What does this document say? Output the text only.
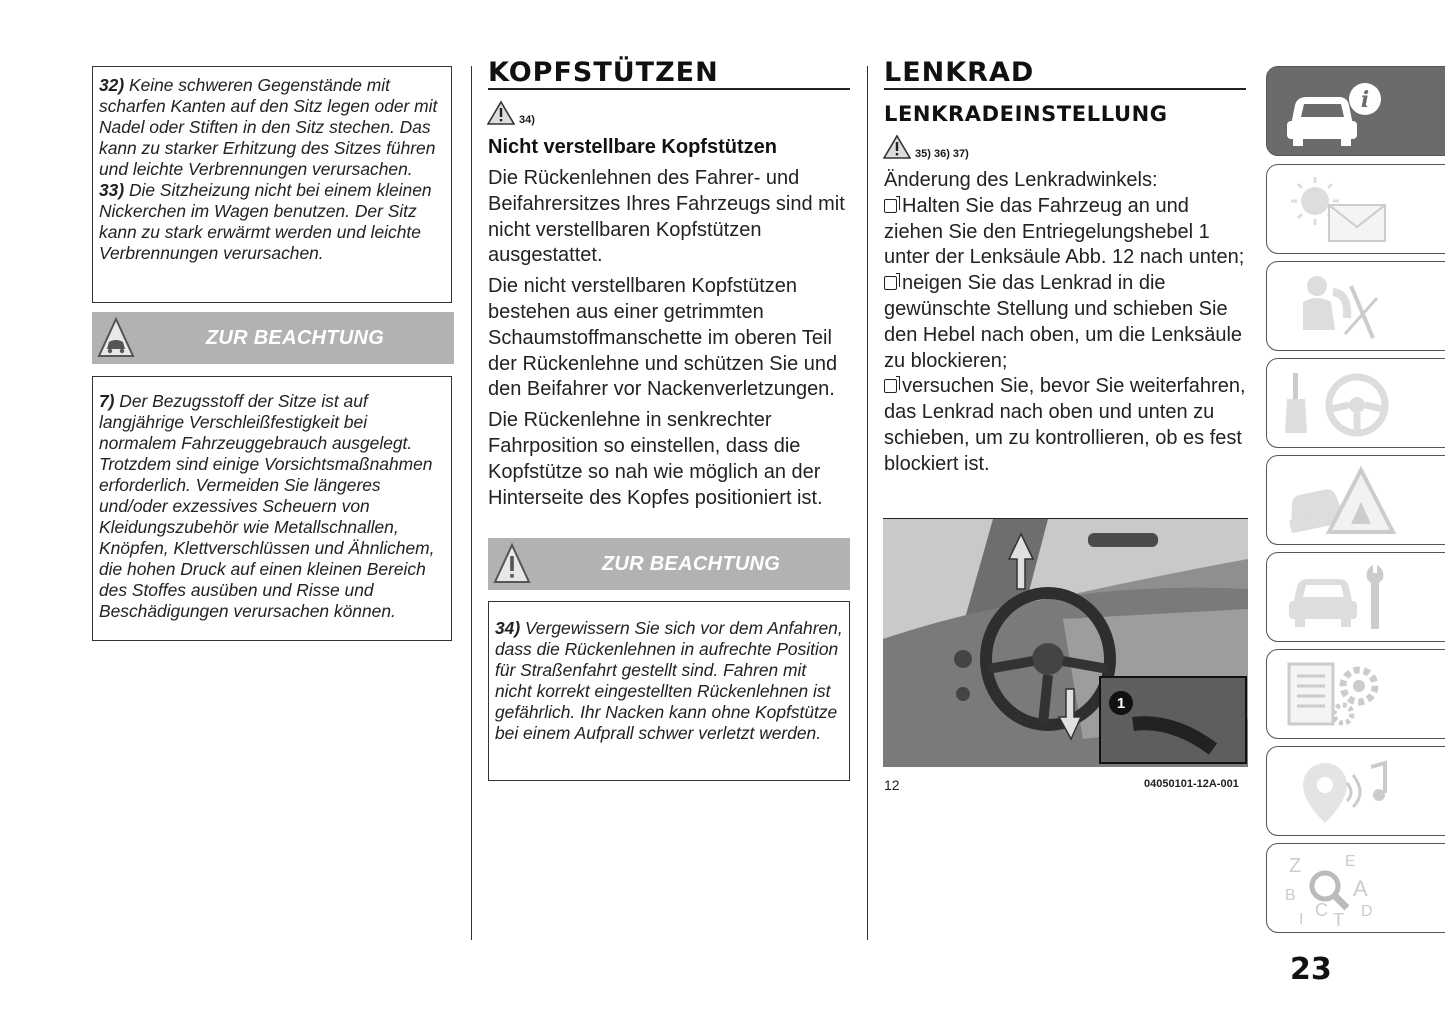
32) Keine schweren Gegenstände mit scharfen Kanten auf den Sitz legen oder mit Nadel oder Stiften in den Sitz stechen. Das kann zu starker Erhitzung des Sitzes führen und leichte Verbrennungen verursachen.

33) Die Sitzheizung nicht bei einem kleinen Nickerchen im Wagen benutzen. Der Sitz kann zu stark erwärmt werden und leichte Verbrennungen verursachen.

ZUR BEACHTUNG

7) Der Bezugsstoff der Sitze ist auf langjährige Verschleißfestigkeit bei normalem Fahrzeuggebrauch ausgelegt. Trotzdem sind einige Vorsichtsmaßnahmen erforderlich. Vermeiden Sie längeres und/oder exzessives Scheuern von Kleidungszubehör wie Metallschnallen, Knöpfen, Klettverschlüssen und Ähnlichem, die hohen Druck auf einen kleinen Bereich des Stoffes ausüben und Risse und Beschädigungen verursachen können.

KOPFSTÜTZEN
34)
Nicht verstellbare Kopfstützen

Die Rückenlehnen des Fahrer- und Beifahrersitzes Ihres Fahrzeugs sind mit nicht verstellbaren Kopfstützen ausgestattet.

Die nicht verstellbaren Kopfstützen bestehen aus einer getrimmten Schaumstoffmanschette im oberen Teil der Rückenlehne und schützen Sie und den Beifahrer vor Nackenverletzungen.

Die Rückenlehne in senkrechter Fahrposition so einstellen, dass die Kopfstütze so nah wie möglich an der Hinterseite des Kopfes positioniert ist.

ZUR BEACHTUNG

34) Vergewissern Sie sich vor dem Anfahren, dass die Rückenlehnen in aufrechte Position für Straßenfahrt gestellt sind. Fahren mit nicht korrekt eingestellten Rückenlehnen ist gefährlich. Ihr Nacken kann ohne Kopfstütze bei einem Aufprall schwer verletzt werden.

LENKRAD
LENKRADEINSTELLUNG
35) 36) 37)
Änderung des Lenkradwinkels:
Halten Sie das Fahrzeug an und ziehen Sie den Entriegelungshebel 1 unter der Lenksäule Abb. 12 nach unten;
neigen Sie das Lenkrad in die gewünschte Stellung und schieben Sie den Hebel nach oben, um die Lenksäule zu blockieren;
versuchen Sie, bevor Sie weiterfahren, das Lenkrad nach oben und unten zu schieben, um zu kontrollieren, ob es fest blockiert ist.
1
12	04050101-12A-001
i
Z	E
B	A
C T D
I
23
